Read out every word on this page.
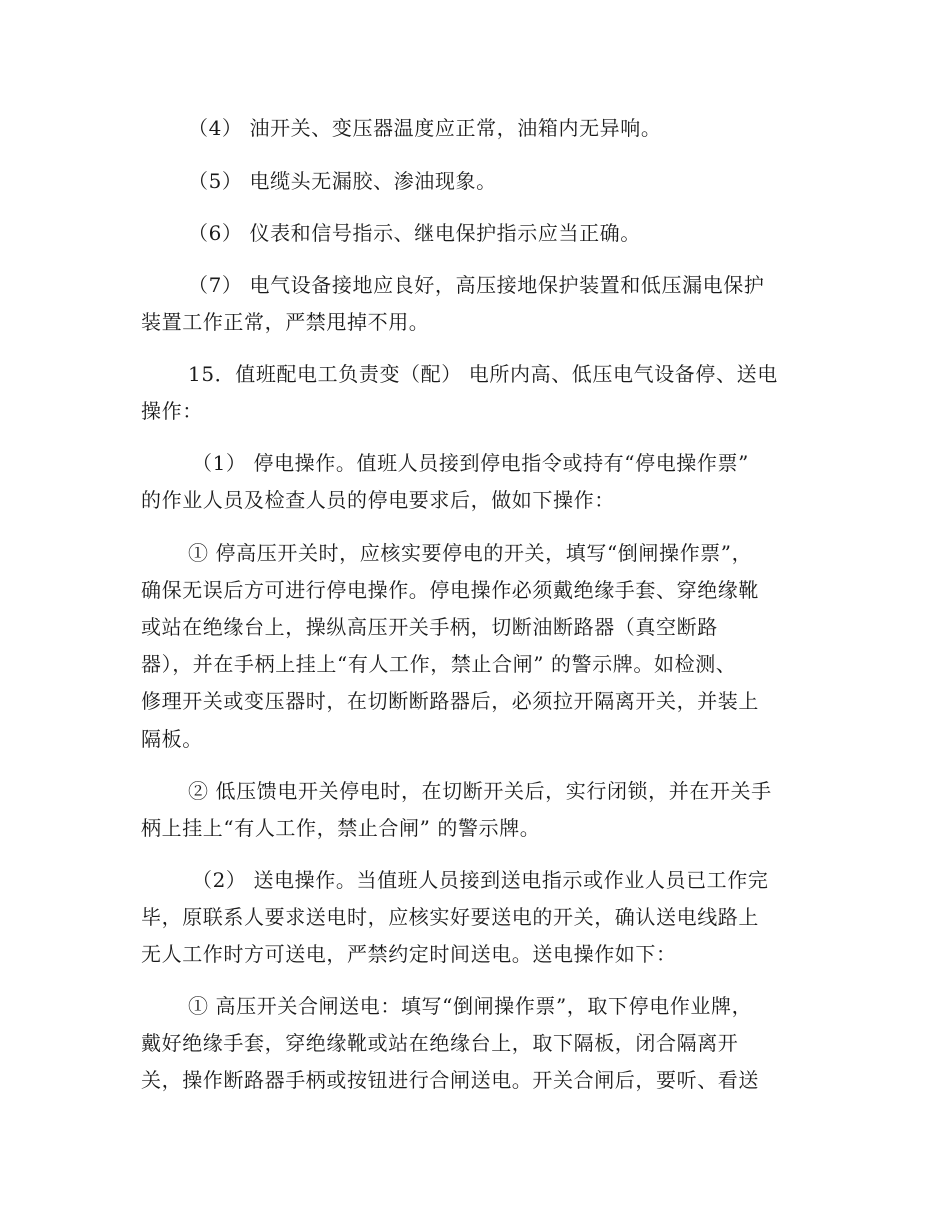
（4） 油开关、变压器温度应正常，油箱内无异响。
（5） 电缆头无漏胶、渗油现象。
（6） 仪表和信号指示、继电保护指示应当正确。
（7） 电气设备接地应良好，高压接地保护装置和低压漏电保护
装置工作正常，严禁甩掉不用。
15．值班配电工负责变（配） 电所内高、低压电气设备停、送电
操作：
（1） 停电操作。值班人员接到停电指令或持有“停电操作票”
的作业人员及检查人员的停电要求后，做如下操作：
① 停高压开关时，应核实要停电的开关，填写“倒闸操作票”，
确保无误后方可进行停电操作。停电操作必须戴绝缘手套、穿绝缘靴
或站在绝缘台上，操纵高压开关手柄，切断油断路器（真空断路
器），并在手柄上挂上“有人工作，禁止合闸” 的警示牌。如检测、
修理开关或变压器时，在切断断路器后，必须拉开隔离开关，并装上
隔板。
② 低压馈电开关停电时，在切断开关后，实行闭锁，并在开关手
柄上挂上“有人工作，禁止合闸” 的警示牌。
（2） 送电操作。当值班人员接到送电指示或作业人员已工作完
毕，原联系人要求送电时，应核实好要送电的开关，确认送电线路上
无人工作时方可送电，严禁约定时间送电。送电操作如下：
① 高压开关合闸送电：填写“倒闸操作票”，取下停电作业牌，
戴好绝缘手套，穿绝缘靴或站在绝缘台上，取下隔板，闭合隔离开
关，操作断路器手柄或按钮进行合闸送电。开关合闸后，要听、看送
